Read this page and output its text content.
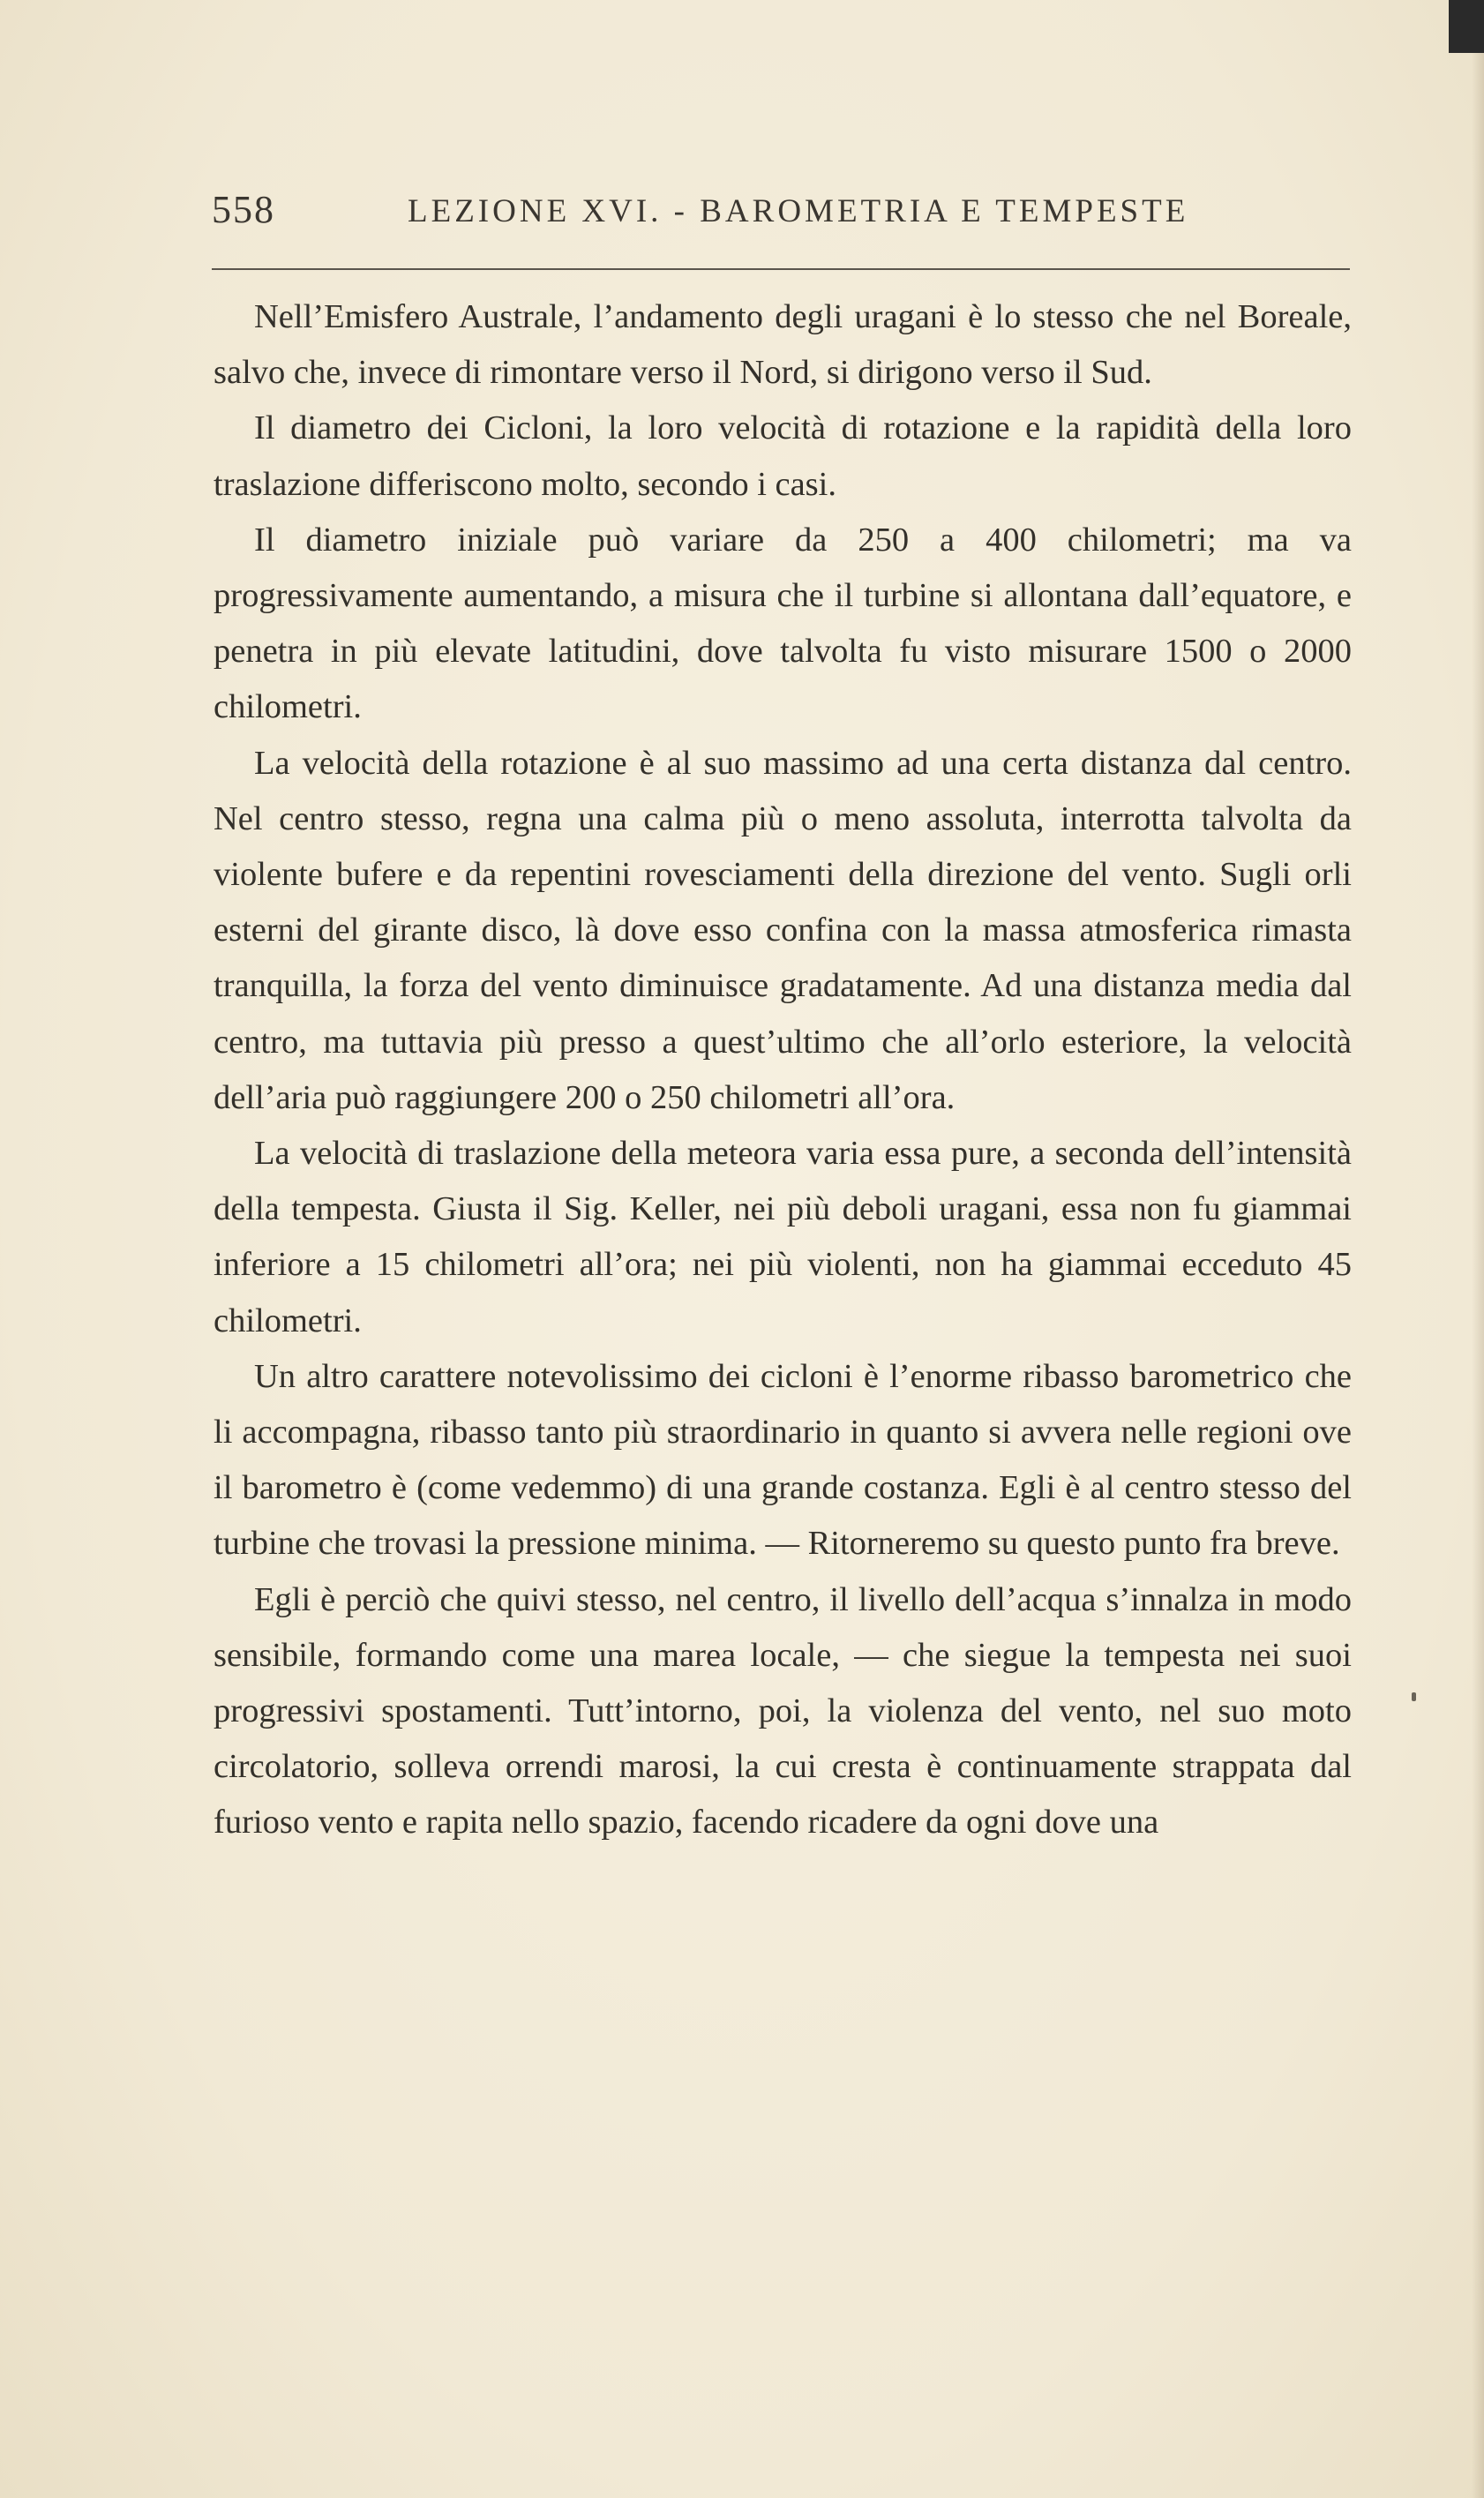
558	LEZIONE XVI. - BAROMETRIA E TEMPESTE

Nell’Emisfero Australe, l’andamento degli uragani è lo stesso che nel Boreale, salvo che, invece di rimontare verso il Nord, si dirigono verso il Sud.

Il diametro dei Cicloni, la loro velocità di rotazione e la rapidità della loro traslazione differiscono molto, secondo i casi.

Il diametro iniziale può variare da 250 a 400 chilometri; ma va progressivamente aumentando, a misura che il turbine si allontana dall’equatore, e penetra in più elevate latitudini, dove talvolta fu visto misurare 1500 o 2000 chilometri.

La velocità della rotazione è al suo massimo ad una certa distanza dal centro. Nel centro stesso, regna una calma più o meno assoluta, interrotta talvolta da violente bufere e da repentini rovesciamenti della direzione del vento. Sugli orli esterni del girante disco, là dove esso confina con la massa atmosferica rimasta tranquilla, la forza del vento diminuisce gradatamente. Ad una distanza media dal centro, ma tuttavia più presso a quest’ultimo che all’orlo esteriore, la velocità dell’aria può raggiungere 200 o 250 chilometri all’ora.

La velocità di traslazione della meteora varia essa pure, a seconda dell’intensità della tempesta. Giusta il Sig. Keller, nei più deboli uragani, essa non fu giammai inferiore a 15 chilometri all’ora; nei più violenti, non ha giammai ecceduto 45 chilometri.

Un altro carattere notevolissimo dei cicloni è l’enorme ribasso barometrico che li accompagna, ribasso tanto più straordinario in quanto si avvera nelle regioni ove il barometro è (come vedemmo) di una grande costanza. Egli è al centro stesso del turbine che trovasi la pressione minima. — Ritorneremo su questo punto fra breve.

Egli è perciò che quivi stesso, nel centro, il livello dell’acqua s’innalza in modo sensibile, formando come una marea locale, — che siegue la tempesta nei suoi progressivi spostamenti. Tutt’intorno, poi, la violenza del vento, nel suo moto circolatorio, solleva orrendi marosi, la cui cresta è continuamente strappata dal furioso vento e rapita nello spazio, facendo ricadere da ogni dove una
